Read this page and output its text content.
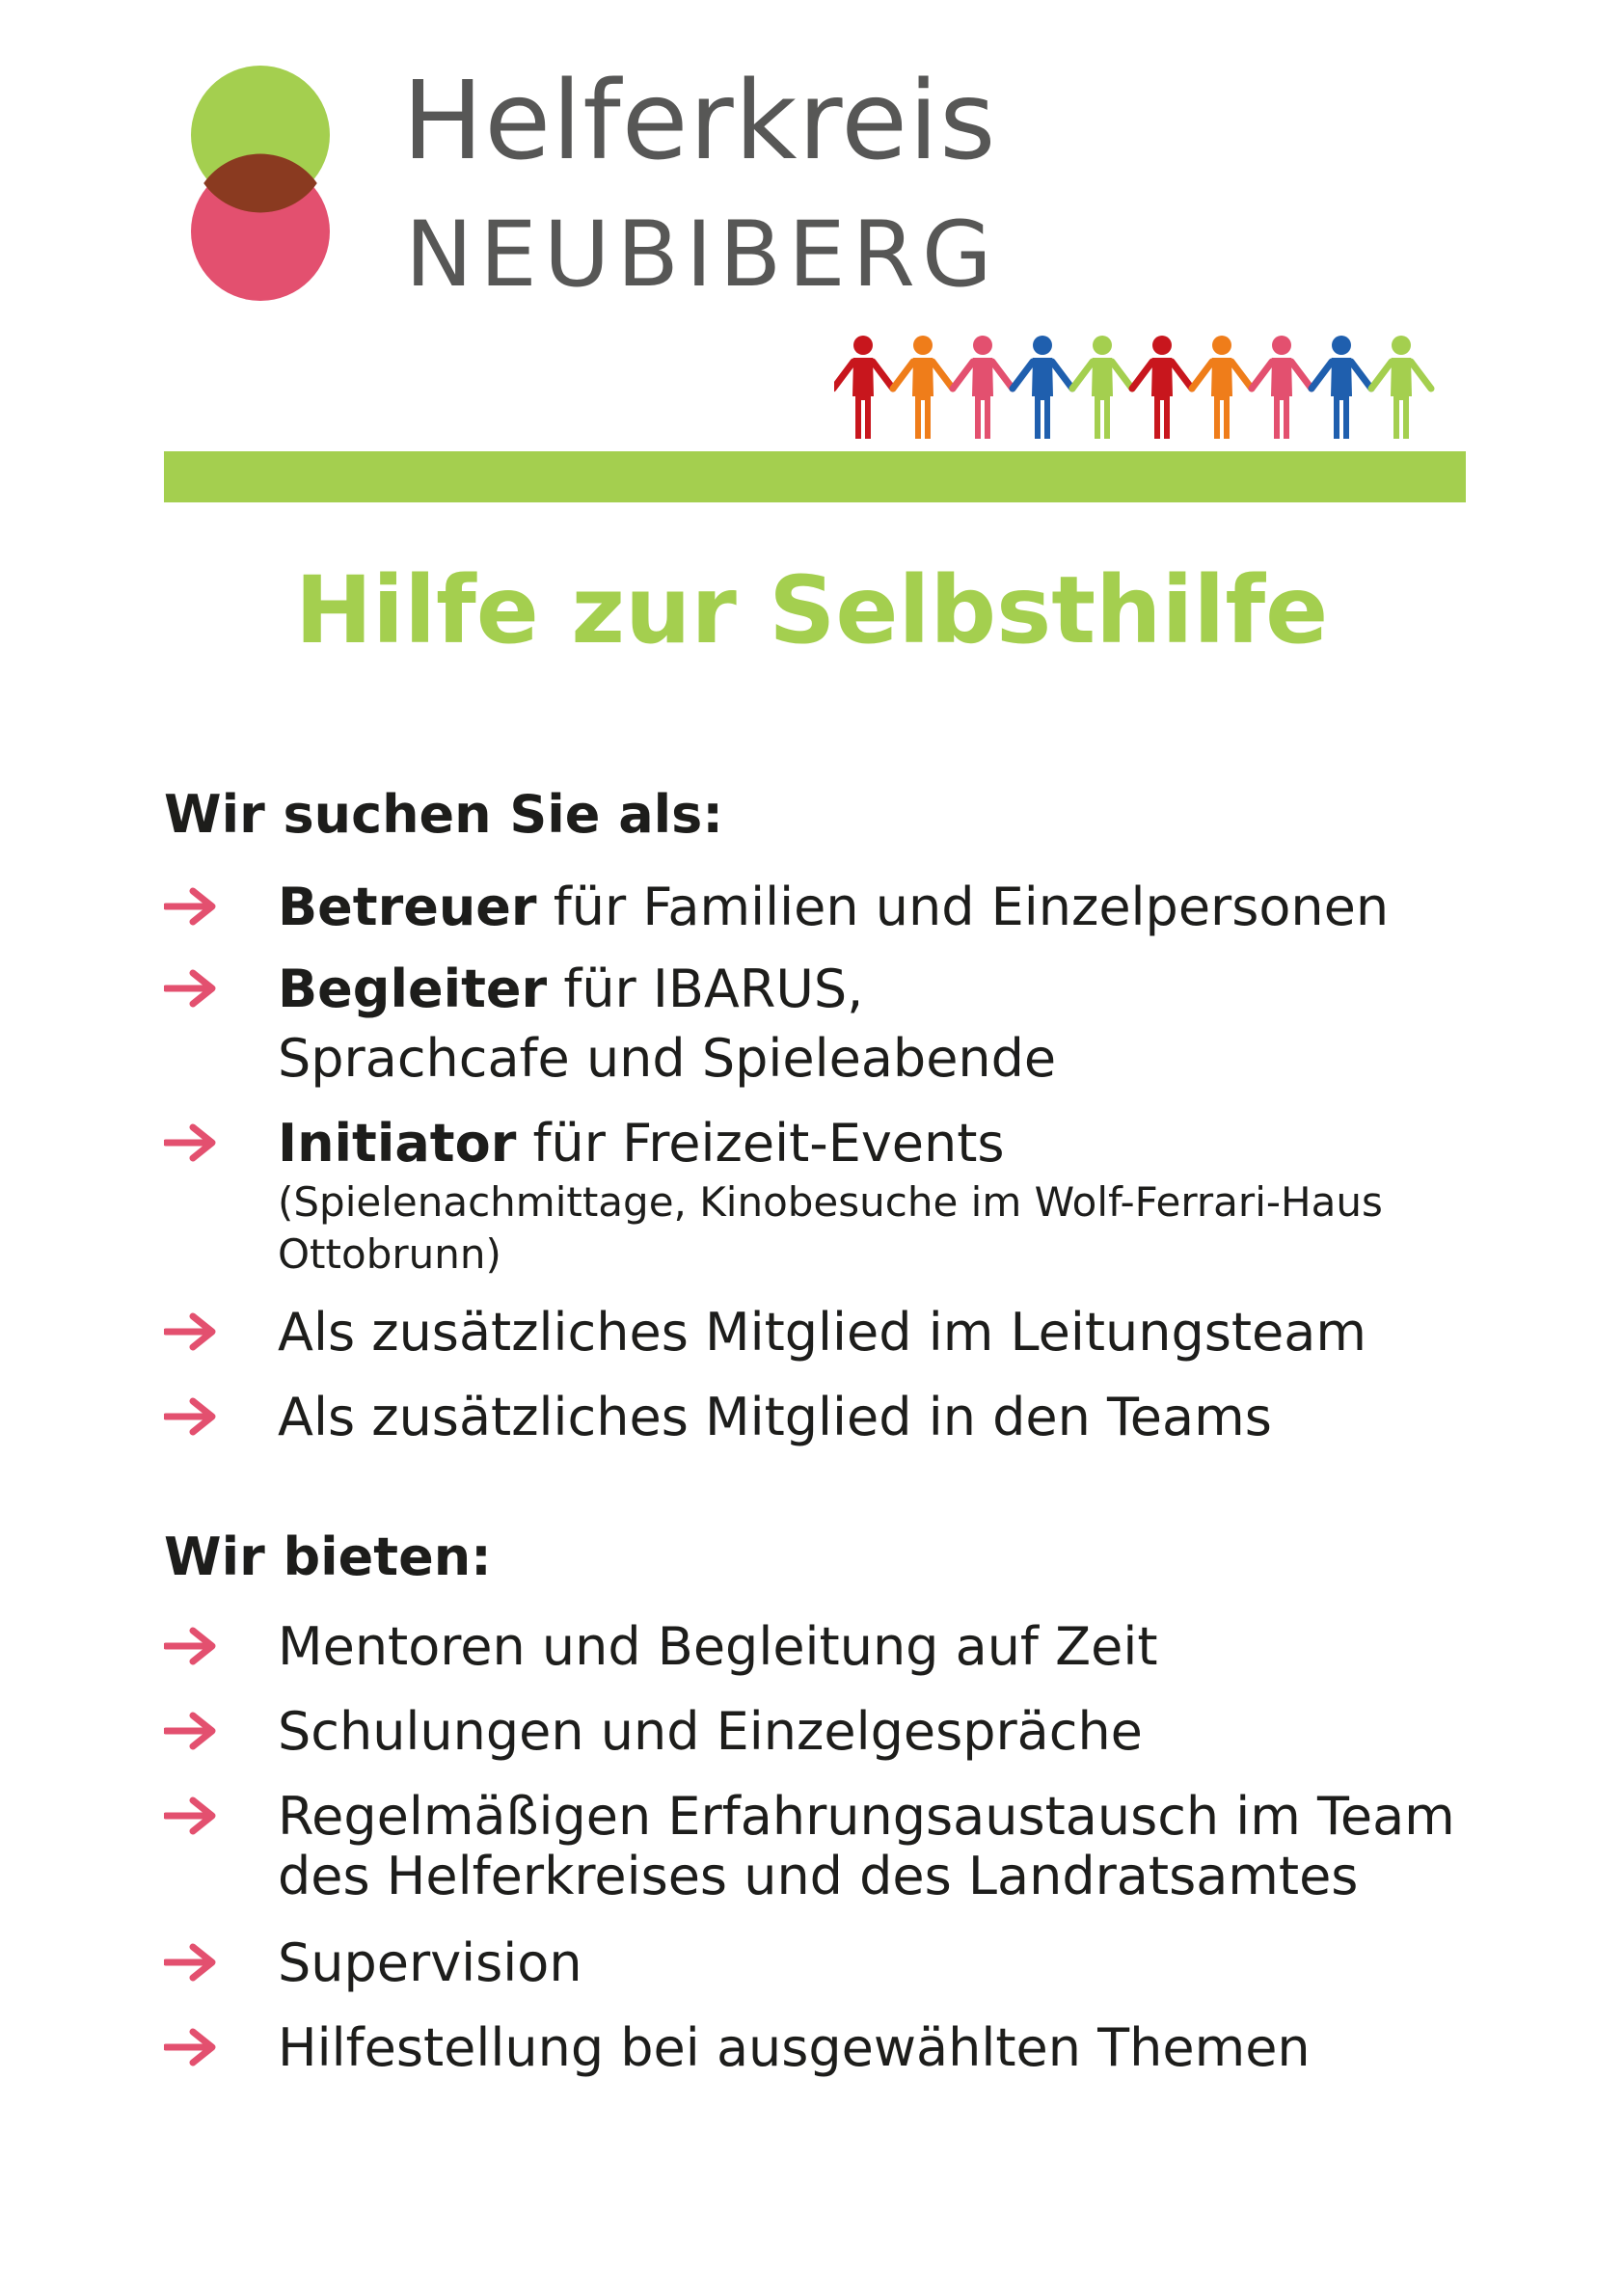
Helferkreis
NEUBIBERG
Hilfe zur Selbsthilfe
Wir suchen Sie als:
Betreuer für Familien und Einzelpersonen
Begleiter für IBARUS,
Sprachcafe und Spieleabende
Initiator für Freizeit-Events
(Spielenachmittage, Kinobesuche im Wolf-Ferrari-Haus
Ottobrunn)
Als zusätzliches Mitglied im Leitungsteam
Als zusätzliches Mitglied in den Teams
Wir bieten:
Mentoren und Begleitung auf Zeit
Schulungen und Einzelgespräche
Regelmäßigen Erfahrungsaustausch im Team
des Helferkreises und des Landratsamtes
Supervision
Hilfestellung bei ausgewählten Themen
